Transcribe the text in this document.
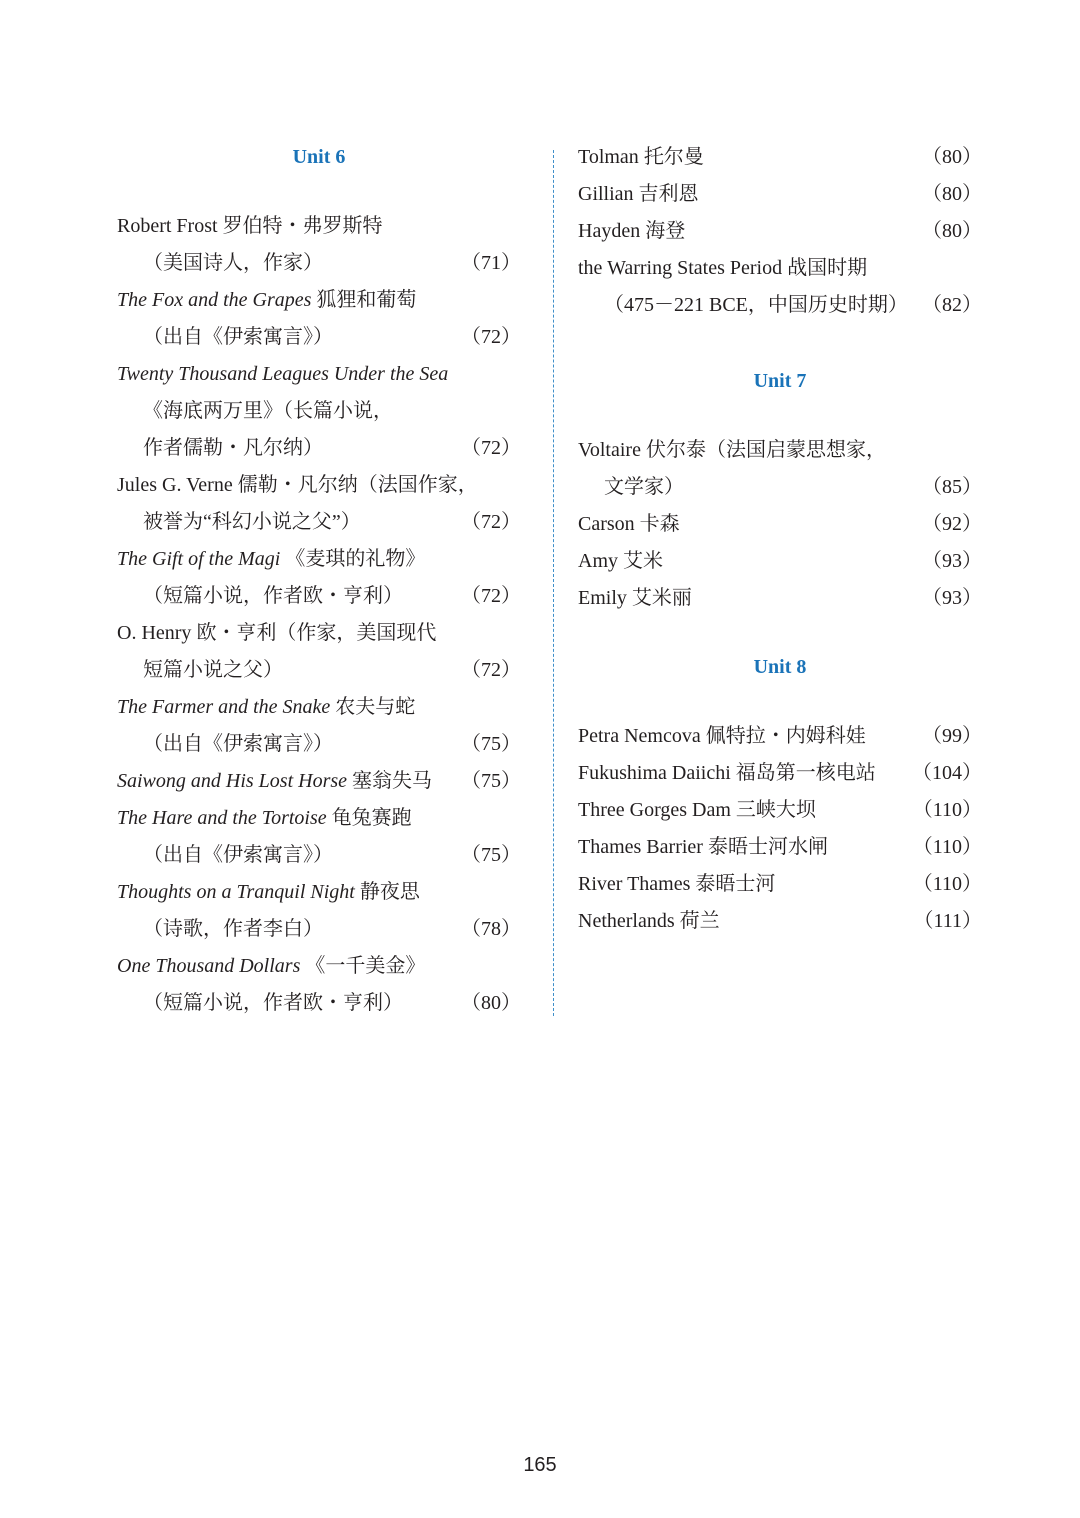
Unit 6
Robert Frost 罗伯特・弗罗斯特
（美国诗人，作家）	（71）
The Fox and the Grapes 狐狸和葡萄
（出自《伊索寓言》）	（72）
Twenty Thousand Leagues Under the Sea
《海底两万里》（长篇小说，
作者儒勒・凡尔纳）	（72）
Jules G. Verne 儒勒・凡尔纳（法国作家，
被誉为“科幻小说之父”）	（72）
The Gift of the Magi 《麦琪的礼物》
（短篇小说，作者欧・亨利）	（72）
O. Henry 欧・亨利（作家，美国现代
短篇小说之父）	（72）
The Farmer and the Snake 农夫与蛇
（出自《伊索寓言》）	（75）
Saiwong and His Lost Horse 塞翁失马 （75）
The Hare and the Tortoise 龟兔赛跑
（出自《伊索寓言》）	（75）
Thoughts on a Tranquil Night 静夜思
（诗歌，作者李白）	（78）
One Thousand Dollars 《一千美金》
（短篇小说，作者欧・亨利）	（80）
Tolman 托尔曼	（80）
Gillian 吉利恩	（80）
Hayden 海登	（80）
the Warring States Period 战国时期
（475－221 BCE，中国历史时期） （82）
Unit 7
Voltaire 伏尔泰（法国启蒙思想家，
文学家）	（85）
Carson 卡森	（92）
Amy 艾米	（93）
Emily 艾米丽	（93）
Unit 8
Petra Nemcova 佩特拉・内姆科娃	（99）
Fukushima Daiichi 福岛第一核电站 （104）
Three Gorges Dam 三峡大坝	（110）
Thames Barrier 泰晤士河水闸	（110）
River Thames 泰晤士河	（110）
Netherlands 荷兰	（111）
165
